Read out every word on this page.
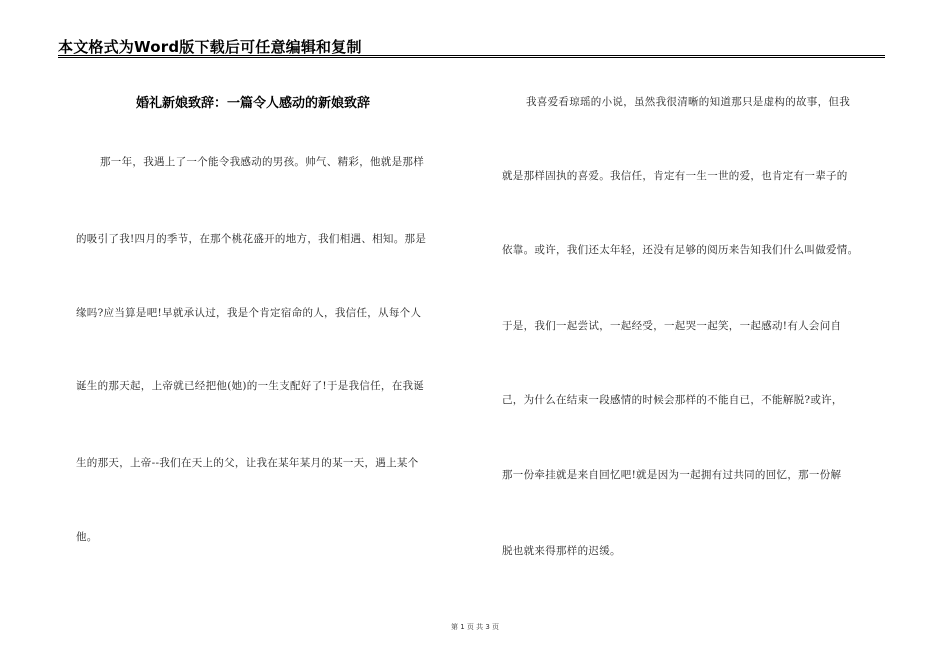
本文格式为Word版下载后可任意编辑和复制
婚礼新娘致辞：一篇令人感动的新娘致辞
那一年，我遇上了一个能令我感动的男孩。帅气、精彩，他就是那样
的吸引了我!四月的季节，在那个桃花盛开的地方，我们相遇、相知。那是
缘吗?应当算是吧!早就承认过，我是个肯定宿命的人，我信任，从每个人
诞生的那天起，上帝就已经把他(她)的一生支配好了!于是我信任，在我诞
生的那天，上帝--我们在天上的父，让我在某年某月的某一天，遇上某个
他。
我喜爱看琼瑶的小说，虽然我很清晰的知道那只是虚构的故事，但我
就是那样固执的喜爱。我信任，肯定有一生一世的爱，也肯定有一辈子的
依靠。或许，我们还太年轻，还没有足够的阅历来告知我们什么叫做爱情。
于是，我们一起尝试，一起经受，一起哭一起笑，一起感动!有人会问自
己，为什么在结束一段感情的时候会那样的不能自已，不能解脱?或许，
那一份牵挂就是来自回忆吧!就是因为一起拥有过共同的回忆，那一份解
脱也就来得那样的迟缓。
第 1 页 共 3 页
